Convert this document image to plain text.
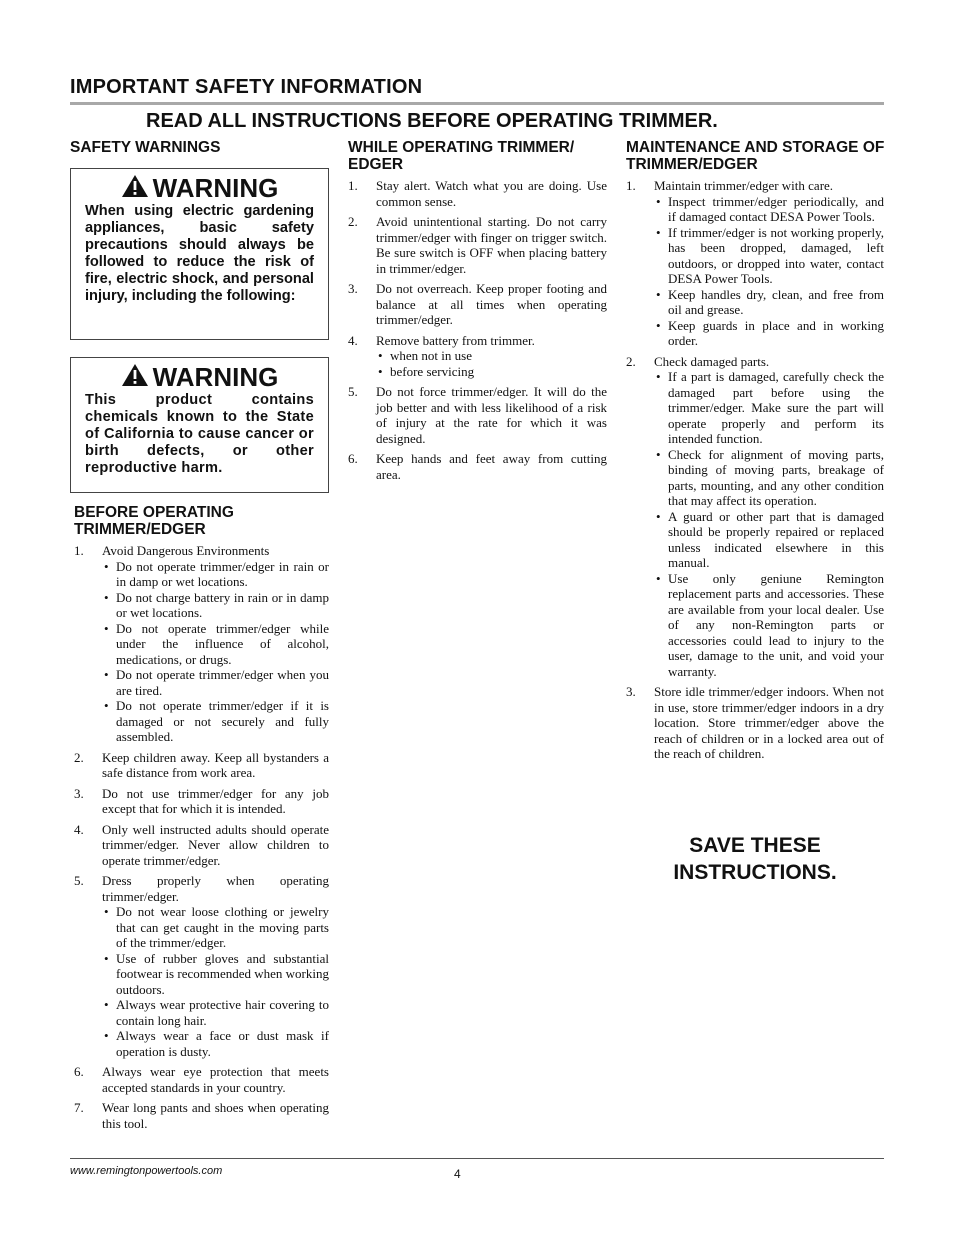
IMPORTANT SAFETY INFORMATION
READ ALL INSTRUCTIONS BEFORE OPERATING TRIMMER.
SAFETY WARNINGS
WARNING
When using electric gardening appliances, basic safety precautions should always be followed to reduce the risk of fire, electric shock, and personal injury, including the following:
WARNING
This product contains chemicals known to the State of California to cause cancer or birth defects, or other reproductive harm.
BEFORE OPERATING TRIMMER/EDGER
1. Avoid Dangerous Environments
• Do not operate trimmer/edger in rain or in damp or wet locations.
• Do not charge battery in rain or in damp or wet locations.
• Do not operate trimmer/edger while under the influence of alcohol, medications, or drugs.
• Do not operate trimmer/edger when you are tired.
• Do not operate trimmer/edger if it is damaged or not securely and fully assembled.
2. Keep children away. Keep all bystanders a safe distance from work area.
3. Do not use trimmer/edger for any job except that for which it is intended.
4. Only well instructed adults should operate trimmer/edger. Never allow children to operate trimmer/edger.
5. Dress properly when operating trimmer/edger.
• Do not wear loose clothing or jewelry that can get caught in the moving parts of the trimmer/edger.
• Use of rubber gloves and substantial footwear is recommended when working outdoors.
• Always wear protective hair covering to contain long hair.
• Always wear a face or dust mask if operation is dusty.
6. Always wear eye protection that meets accepted standards in your country.
7. Wear long pants and shoes when operating this tool.
WHILE OPERATING TRIMMER/ EDGER
1. Stay alert. Watch what you are doing. Use common sense.
2. Avoid unintentional starting. Do not carry trimmer/edger with finger on trigger switch. Be sure switch is OFF when placing battery in trimmer/edger.
3. Do not overreach. Keep proper footing and balance at all times when operating trimmer/edger.
4. Remove battery from trimmer.
• when not in use
• before servicing
5. Do not force trimmer/edger. It will do the job better and with less likelihood of a risk of injury at the rate for which it was designed.
6. Keep hands and feet away from cutting area.
MAINTENANCE AND STORAGE OF TRIMMER/EDGER
1. Maintain trimmer/edger with care.
• Inspect trimmer/edger periodically, and if damaged contact DESA Power Tools.
• If trimmer/edger is not working properly, has been dropped, damaged, left outdoors, or dropped into water, contact DESA Power Tools.
• Keep handles dry, clean, and free from oil and grease.
• Keep guards in place and in working order.
2. Check damaged parts.
• If a part is damaged, carefully check the damaged part before using the trimmer/edger. Make sure the part will operate properly and perform its intended function.
• Check for alignment of moving parts, binding of moving parts, breakage of parts, mounting, and any other condition that may affect its operation.
• A guard or other part that is damaged should be properly repaired or replaced unless indicated elsewhere in this manual.
• Use only geniune Remington replacement parts and accessories. These are available from your local dealer. Use of any non-Remington parts or accessories could lead to injury to the user, damage to the unit, and void your warranty.
3. Store idle trimmer/edger indoors. When not in use, store trimmer/edger indoors in a dry location. Store trimmer/edger above the reach of children or in a locked area out of the reach of children.
SAVE THESE
INSTRUCTIONS.
www.remingtonpowertools.com	4
